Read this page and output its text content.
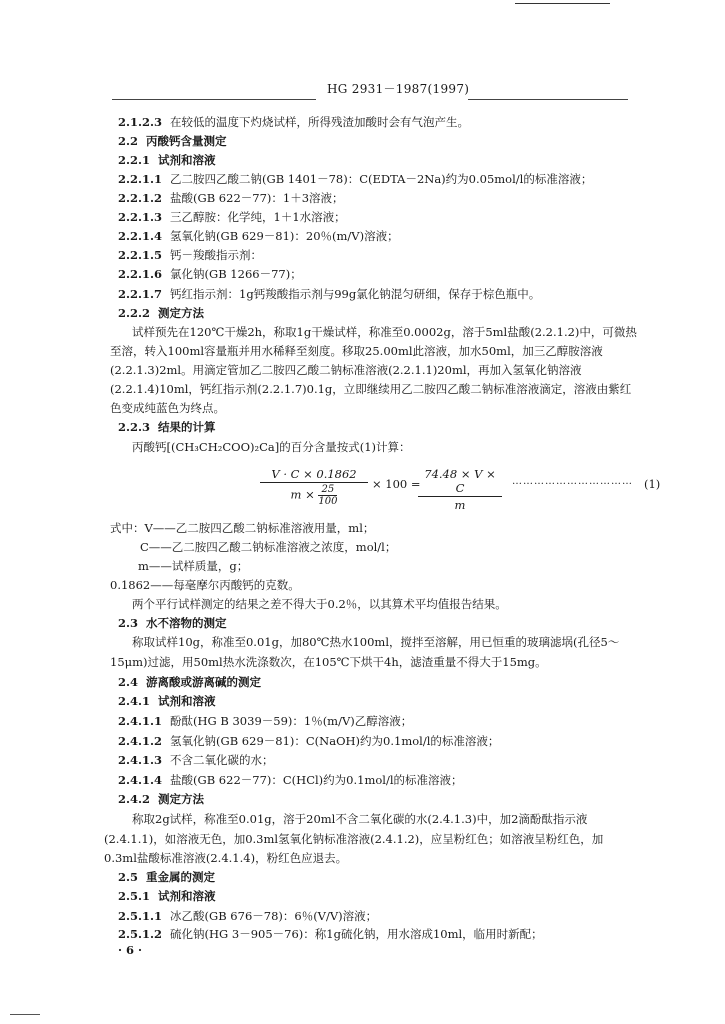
HG 2931－1987(1997)
2.1.2.3 在较低的温度下灼烧试样，所得残渣加酸时会有气泡产生。
2.2 丙酸钙含量测定
2.2.1 试剂和溶液
2.2.1.1 乙二胺四乙酸二钠(GB 1401－78)：C(EDTA－2Na)约为0.05mol/l的标准溶液；
2.2.1.2 盐酸(GB 622－77)：1＋3溶液；
2.2.1.3 三乙醇胺：化学纯，1＋1水溶液；
2.2.1.4 氢氧化钠(GB 629－81)：20％(m/V)溶液；
2.2.1.5 钙－羧酸指示剂：
2.2.1.6 氯化钠(GB 1266－77)；
2.2.1.7 钙红指示剂：1g钙羧酸指示剂与99g氯化钠混匀研细，保存于棕色瓶中。
2.2.2 测定方法
试样预先在120℃干燥2h，称取1g干燥试样，称准至0.0002g，溶于5ml盐酸(2.2.1.2)中，可微热
至溶，转入100ml容量瓶并用水稀释至刻度。移取25.00ml此溶液，加水50ml，加三乙醇胺溶液
(2.2.1.3)2ml。用滴定管加乙二胺四乙酸二钠标准溶液(2.2.1.1)20ml，再加入氢氧化钠溶液
(2.2.1.4)10ml，钙红指示剂(2.2.1.7)0.1g，立即继续用乙二胺四乙酸二钠标准溶液滴定，溶液由紫红
色变成纯蓝色为终点。
2.2.3 结果的计算
丙酸钙[(CH₃CH₂COO)₂Ca]的百分含量按式(1)计算：
$\frac{V \cdot C \times 0.1862}{m \times \frac{25}{100}} \times 100$ =
$\frac{74.48 \times V \times C}{m}$ …………………………… (1)
式中：V——乙二胺四乙酸二钠标准溶液用量，ml；
C——乙二胺四乙酸二钠标准溶液之浓度，mol/l；
m——试样质量，g；
0.1862——每毫摩尔丙酸钙的克数。
两个平行试样测定的结果之差不得大于0.2％，以其算术平均值报告结果。
2.3 水不溶物的测定
称取试样10g，称准至0.01g，加80℃热水100ml，搅拌至溶解，用已恒重的玻璃滤埚(孔径5～
15μm)过滤，用50ml热水洗涤数次，在105℃下烘干4h，滤渣重量不得大于15mg。
2.4 游离酸或游离碱的测定
2.4.1 试剂和溶液
2.4.1.1 酚酞(HG B 3039－59)：1％(m/V)乙醇溶液；
2.4.1.2 氢氧化钠(GB 629－81)：C(NaOH)约为0.1mol/l的标准溶液；
2.4.1.3 不含二氧化碳的水；
2.4.1.4 盐酸(GB 622－77)：C(HCl)约为0.1mol/l的标准溶液；
2.4.2 测定方法
称取2g试样，称准至0.01g，溶于20ml不含二氧化碳的水(2.4.1.3)中，加2滴酚酞指示液
(2.4.1.1)，如溶液无色，加0.3ml氢氧化钠标准溶液(2.4.1.2)，应呈粉红色；如溶液呈粉红色，加
0.3ml盐酸标准溶液(2.4.1.4)，粉红色应退去。
2.5 重金属的测定
2.5.1 试剂和溶液
2.5.1.1 冰乙酸(GB 676－78)：6％(V/V)溶液；
2.5.1.2 硫化钠(HG 3－905－76)：称1g硫化钠，用水溶成10ml，临用时新配；
· 6 ·
